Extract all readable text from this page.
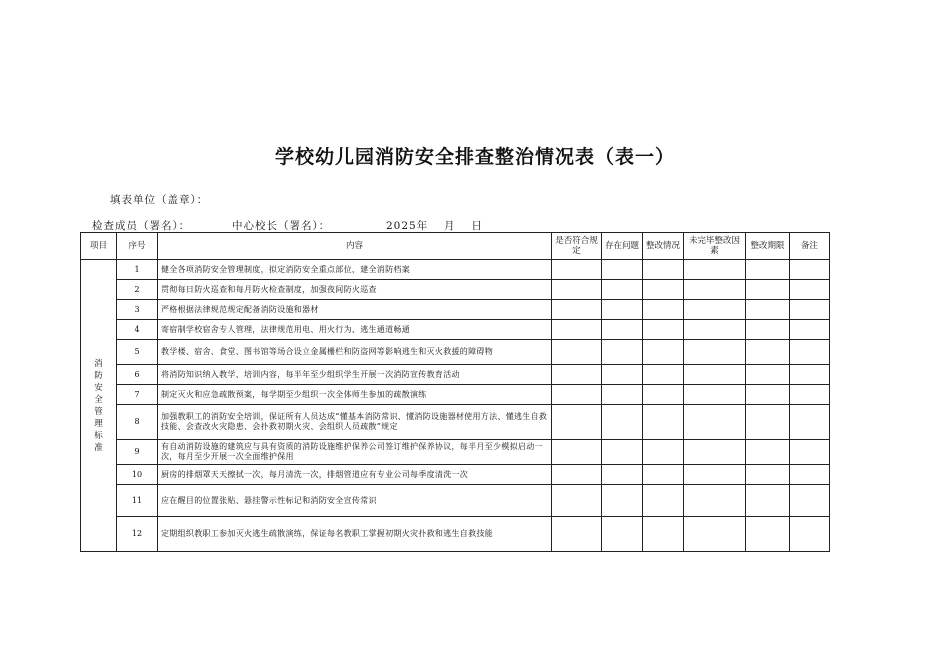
学校幼儿园消防安全排查整治情况表（表一）
填表单位（盖章）：
检查成员（署名）：	中心校长（署名）：	2025年　 月　 日
项目	序号	内容	是否符合规定	存在问题	整改情况	未完毕整改因素	整改期限	备注

消防安全管理标准	1	健全各项消防安全管理制度，拟定消防安全重点部位，建全消防档案						
	2	贯彻每日防火巡查和每月防火检查制度，加强夜间防火巡查						
	3	严格根据法律规范规定配备消防设施和器材						
	4	寄宿制学校宿舍专人管理，法律规范用电、用火行为、逃生通道畅通						
	5	教学楼、宿舍、食堂、图书馆等场合设立金属栅栏和防盗网等影响逃生和灭火救援的障碍物						
	6	将消防知识纳入教学、培训内容，每半年至少组织学生开展一次消防宣传教育活动						
	7	制定灭火和应急疏散预案，每学期至少组织一次全体师生参加的疏散演练						
	8	加强教职工的消防安全培训，保证所有人员达成“懂基本消防常识、懂消防设施器材使用方法、懂逃生自救技能、会查改火灾隐患、会扑救初期火灾、会组织人员疏散”规定						
	9	有自动消防设施的建筑应与具有资质的消防设施维护保养公司签订维护保养协议，每半月至少模拟启动一次，每月至少开展一次全面维护保用						
	10	厨房的排烟罩天天擦拭一次，每月清洗一次，排烟管道应有专业公司每季度清洗一次						
	11	应在醒目的位置张贴、悬挂警示性标记和消防安全宣传常识						
	12	定期组织教职工参加灭火逃生疏散演练，保证每名教职工掌握初期火灾扑救和逃生自救技能						
